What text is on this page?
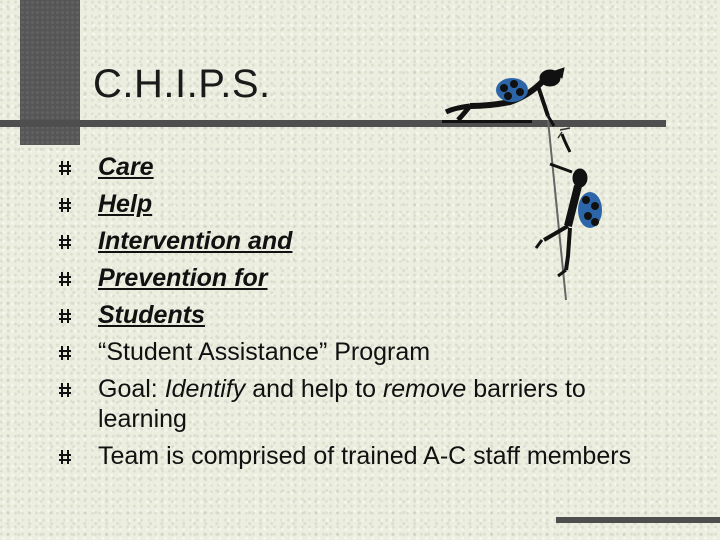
C.H.I.P.S.
Care
Help
Intervention and
Prevention for
Students
“Student Assistance” Program
Goal: Identify and help to remove barriers to learning
Team is comprised of trained A-C staff members
